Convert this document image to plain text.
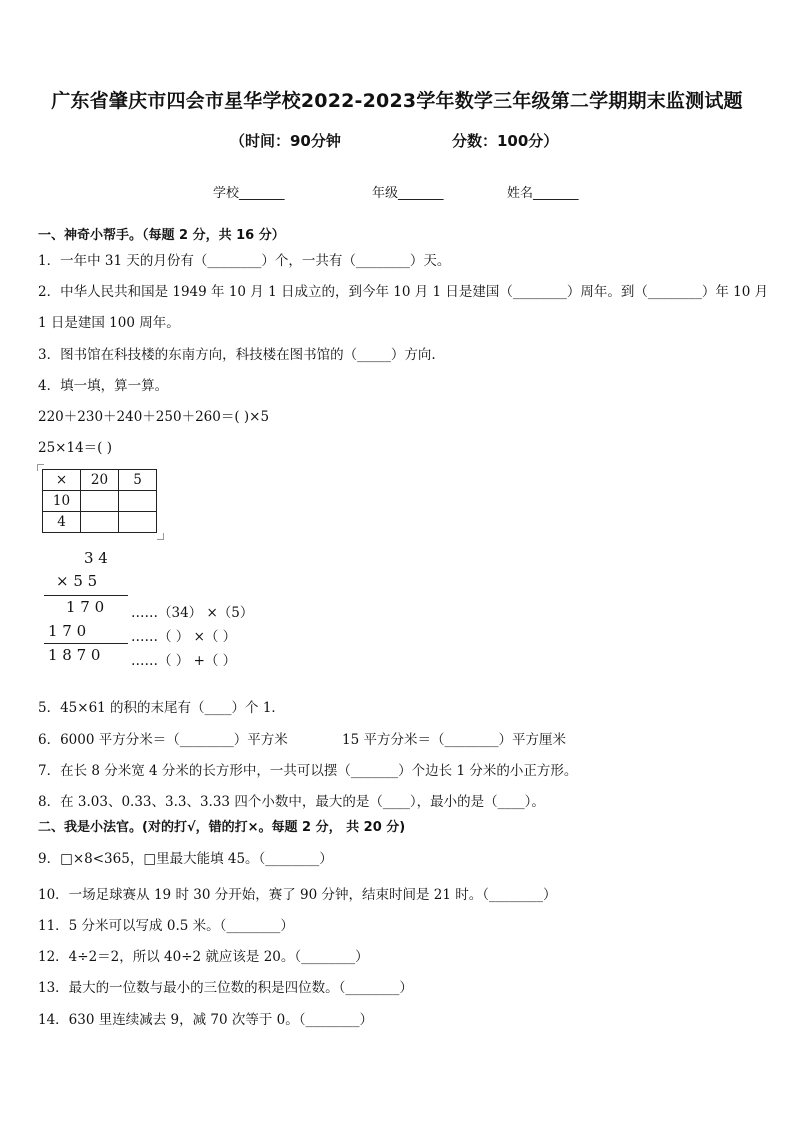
广东省肇庆市四会市星华学校2022-2023学年数学三年级第二学期期末监测试题
（时间：90分钟	分数：100分）
学校_______	年级_______	姓名_______
一、神奇小帮手。（每题 2 分，共 16 分）
1．一年中 31 天的月份有（________）个，一共有（________）天。
2．中华人民共和国是 1949 年 10 月 1 日成立的，到今年 10 月 1 日是建国（________）周年。到（________）年 10 月
1 日是建国 100 周年。
3．图书馆在科技楼的东南方向，科技楼在图书馆的（_____）方向.
4．填一填，算一算。
220＋230＋240＋250＋260＝( )×5
25×14＝( )
×	20	5
10		
4		
3 4
× 5 5
1 7 0
1 7 0
1 8 7 0
……（34） ×（5）
……（ ） ×（ ）
……（ ） +（ ）
5．45×61 的积的末尾有（____）个 1．
6．6000 平方分米＝（________）平方米	15 平方分米＝（________）平方厘米
7．在长 8 分米宽 4 分米的长方形中，一共可以摆（_______）个边长 1 分米的小正方形。
8．在 3.03、0.33、3.3、3.33 四个小数中，最大的是（____），最小的是（____）。
二、我是小法官。(对的打√，错的打×。每题 2 分， 共 20 分)
9．□×8<365，□里最大能填 45。（________）
10．一场足球赛从 19 时 30 分开始，赛了 90 分钟，结束时间是 21 时。（________）
11．5 分米可以写成 0.5 米。（________）
12．4÷2＝2，所以 40÷2 就应该是 20。（________）
13．最大的一位数与最小的三位数的积是四位数。（________）
14．630 里连续减去 9，减 70 次等于 0。（________）
